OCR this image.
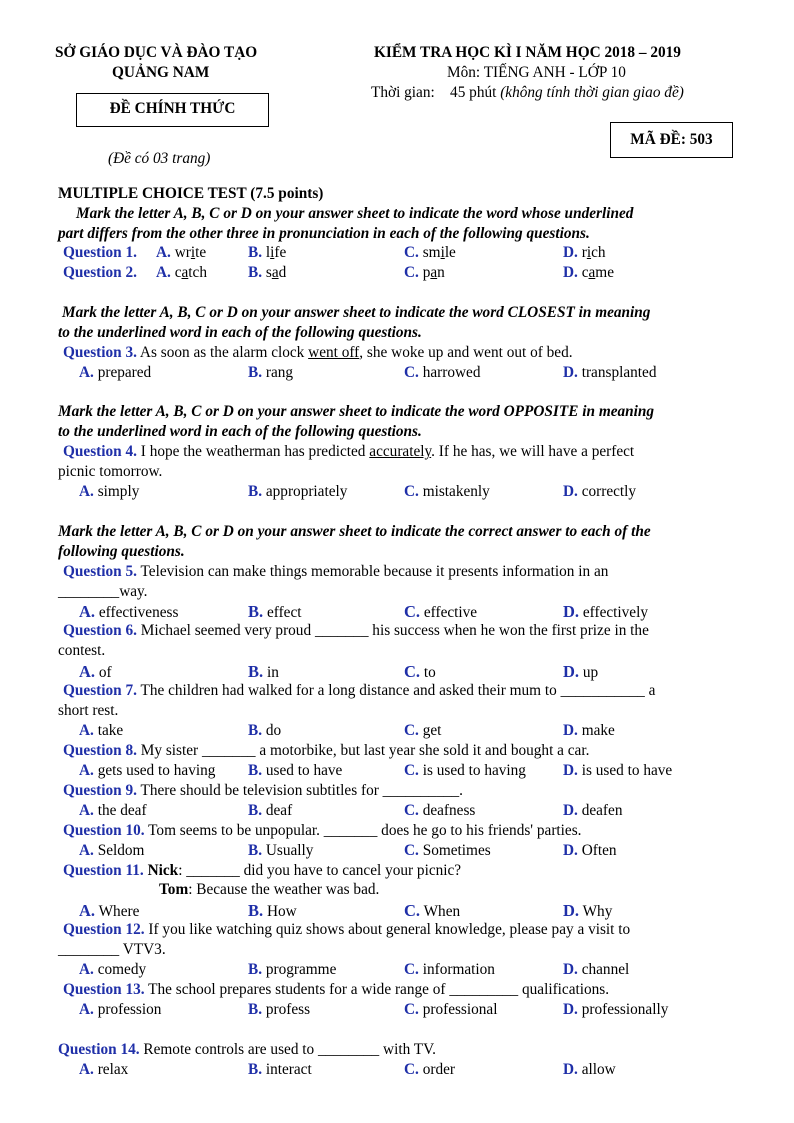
SỞ GIÁO DỤC VÀ ĐÀO TẠO
QUẢNG NAM
ĐỀ CHÍNH THỨC
(Đề có 03 trang)
KIỂM TRA HỌC KÌ I NĂM HỌC 2018 – 2019
Môn: TIẾNG ANH - LỚP 10
Thời gian: 45 phút (không tính thời gian giao đề)
MÃ ĐỀ: 503
MULTIPLE CHOICE TEST (7.5 points)
Mark the letter A, B, C or D on your answer sheet to indicate the word whose underlined
part differs from the other three in pronunciation in each of the following questions.
Question 1. A. write	B. life	C. smile	D. rich
Question 2. A. catch	B. sad	C. pan	D. came
Mark the letter A, B, C or D on your answer sheet to indicate the word CLOSEST in meaning
to the underlined word in each of the following questions.
Question 3. As soon as the alarm clock went off, she woke up and went out of bed.
A. prepared	B. rang	C. harrowed	D. transplanted
Mark the letter A, B, C or D on your answer sheet to indicate the word OPPOSITE in meaning
to the underlined word in each of the following questions.
Question 4. I hope the weatherman has predicted accurately. If he has, we will have a perfect
picnic tomorrow.
A. simply	B. appropriately	C. mistakenly	D. correctly
Mark the letter A, B, C or D on your answer sheet to indicate the correct answer to each of the
following questions.
Question 5. Television can make things memorable because it presents information in an
________way.
A. effectiveness	B. effect	C. effective	D. effectively
Question 6. Michael seemed very proud _______ his success when he won the first prize in the
contest.
A. of	B. in	C. to	D. up
Question 7. The children had walked for a long distance and asked their mum to ___________ a
short rest.
A. take	B. do	C. get	D. make
Question 8. My sister _______ a motorbike, but last year she sold it and bought a car.
A. gets used to having B. used to have	C. is used to having D. is used to have
Question 9. There should be television subtitles for __________.
A. the deaf	B. deaf	C. deafness	D. deafen
Question 10. Tom seems to be unpopular. _______ does he go to his friends' parties.
A. Seldom	B. Usually	C. Sometimes	D. Often
Question 11. Nick: _______ did you have to cancel your picnic?
Tom: Because the weather was bad.
A. Where	B. How	C. When	D. Why
Question 12. If you like watching quiz shows about general knowledge, please pay a visit to
________ VTV3.
A. comedy	B. programme	C. information	D. channel
Question 13. The school prepares students for a wide range of _________ qualifications.
A. profession	B. profess	C. professional	D. professionally
Question 14. Remote controls are used to ________ with TV.
A. relax	B. interact	C. order	D. allow
